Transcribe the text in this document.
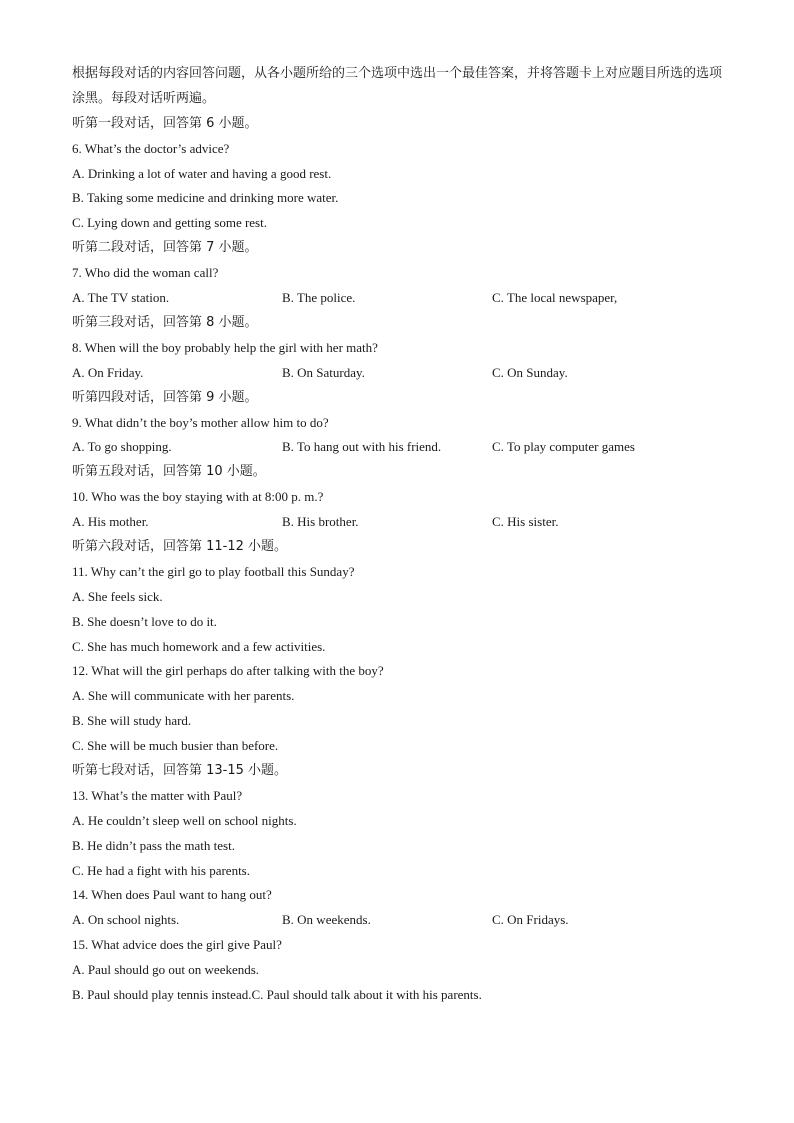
根据每段对话的内容回答问题，从各小题所给的三个选项中选出一个最佳答案，并将答题卡上对应题目所选的选项涂黑。每段对话听两遍。
听第一段对话，回答第 6 小题。
6. What’s the doctor’s advice?
A. Drinking a lot of water and having a good rest.
B. Taking some medicine and drinking more water.
C. Lying down and getting some rest.
听第二段对话，回答第 7 小题。
7. Who did the woman call?
A. The TV station.	B. The police.	C. The local newspaper,
听第三段对话，回答第 8 小题。
8. When will the boy probably help the girl with her math?
A. On Friday.	B. On Saturday.	C. On Sunday.
听第四段对话，回答第 9 小题。
9. What didn’t the boy’s mother allow him to do?
A. To go shopping.	B. To hang out with his friend.	C. To play computer games
听第五段对话，回答第 10 小题。
10. Who was the boy staying with at 8:00 p. m.?
A. His mother.	B. His brother.	C. His sister.
听第六段对话，回答第 11-12 小题。
11. Why can’t the girl go to play football this Sunday?
A. She feels sick.
B. She doesn’t love to do it.
C. She has much homework and a few activities.
12. What will the girl perhaps do after talking with the boy?
A. She will communicate with her parents.
B. She will study hard.
C. She will be much busier than before.
听第七段对话，回答第 13-15 小题。
13. What’s the matter with Paul?
A. He couldn’t sleep well on school nights.
B. He didn’t pass the math test.
C. He had a fight with his parents.
14. When does Paul want to hang out?
A. On school nights.	B. On weekends.	C. On Fridays.
15. What advice does the girl give Paul?
A. Paul should go out on weekends.
B. Paul should play tennis instead.C. Paul should talk about it with his parents.
